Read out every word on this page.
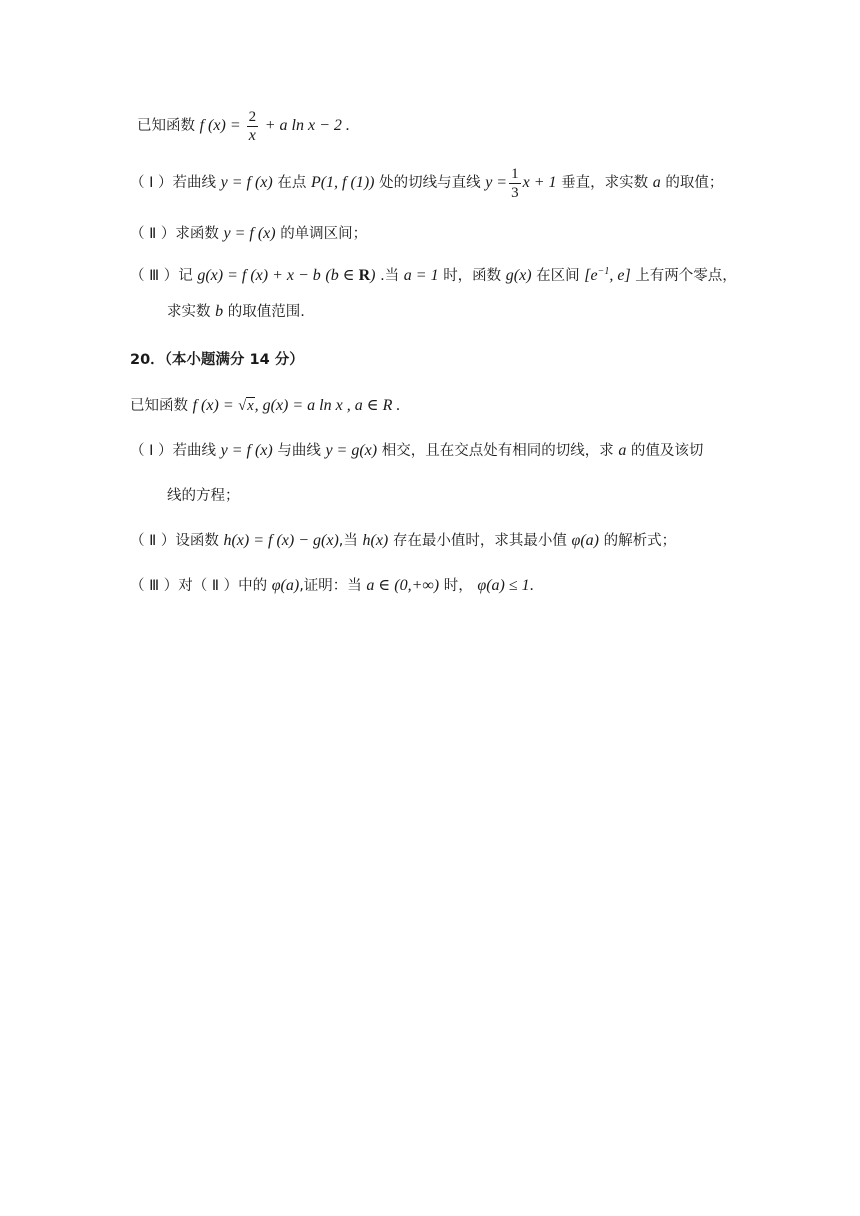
已知函数 f $(x) = \frac{2}{x} + a$ ln x − 2 .
（ Ⅰ ）若曲线 y = f (x) 在点 P(1, f (1)) 处的切线与直线 $y = \frac{1}{3}$ x + 1 垂直，求实数 a 的取值；
（ Ⅱ ）求函数 y = f (x) 的单调区间；
（ Ⅲ ）记 g(x) = f (x) + x − b (b ∈ R) .当 a = 1 时，函数 g(x) 在区间 [$e^{-1}$, e] 上有两个零点，
求实数 b 的取值范围.
20．（本小题满分 14 分）
已知函数 f (x) = √x, g(x) = a ln x , a ∈ R .
（ Ⅰ ）若曲线 y = f (x) 与曲线 y = g(x) 相交，且在交点处有相同的切线，求 a 的值及该切
线的方程；
（ Ⅱ ）设函数 h(x) = f (x) − g(x),当 h(x) 存在最小值时，求其最小值 φ(a) 的解析式；
（ Ⅲ ）对（ Ⅱ ）中的 φ(a),证明：当 a ∈ (0,+∞) 时， φ(a) ≤ 1.
